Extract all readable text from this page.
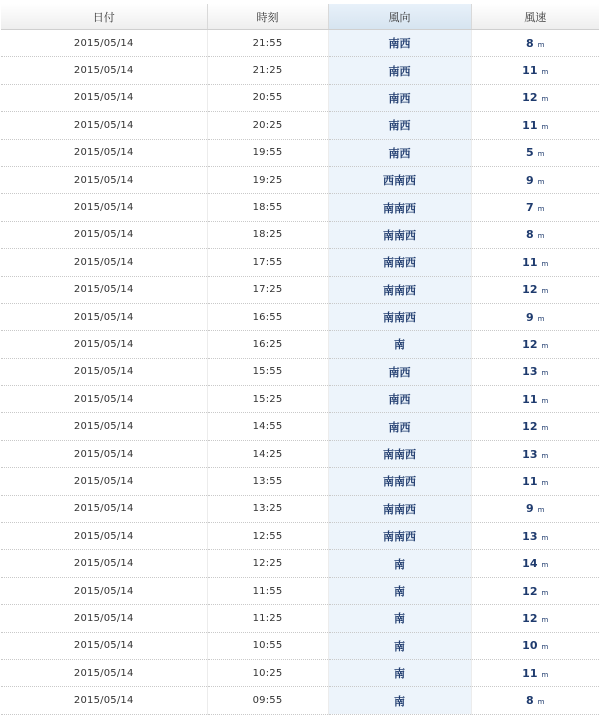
日付	時刻	風向	風速
2015/05/14	21:55	南西	8 m
2015/05/14	21:25	南西	11 m
2015/05/14	20:55	南西	12 m
2015/05/14	20:25	南西	11 m
2015/05/14	19:55	南西	5 m
2015/05/14	19:25	西南西	9 m
2015/05/14	18:55	南南西	7 m
2015/05/14	18:25	南南西	8 m
2015/05/14	17:55	南南西	11 m
2015/05/14	17:25	南南西	12 m
2015/05/14	16:55	南南西	9 m
2015/05/14	16:25	南	12 m
2015/05/14	15:55	南西	13 m
2015/05/14	15:25	南西	11 m
2015/05/14	14:55	南西	12 m
2015/05/14	14:25	南南西	13 m
2015/05/14	13:55	南南西	11 m
2015/05/14	13:25	南南西	9 m
2015/05/14	12:55	南南西	13 m
2015/05/14	12:25	南	14 m
2015/05/14	11:55	南	12 m
2015/05/14	11:25	南	12 m
2015/05/14	10:55	南	10 m
2015/05/14	10:25	南	11 m
2015/05/14	09:55	南	8 m
